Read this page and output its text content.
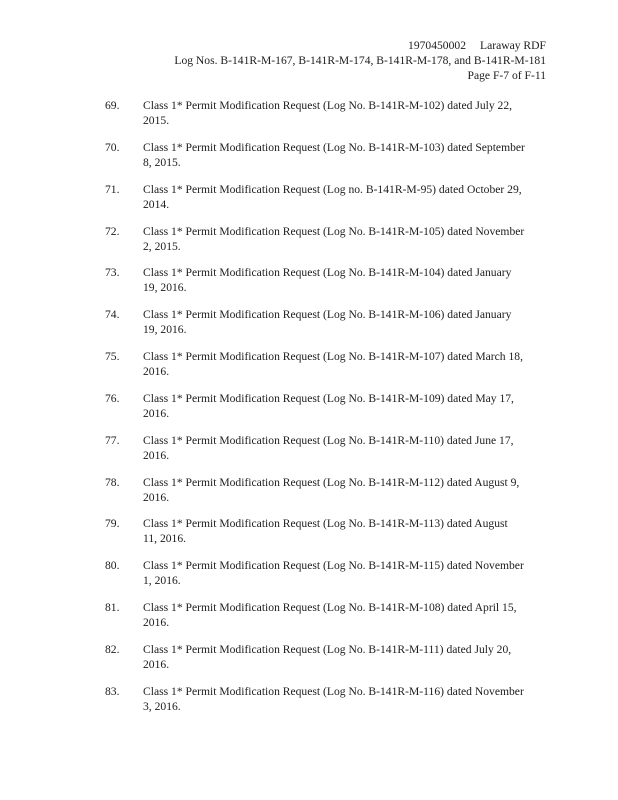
1970450002 Laraway RDF
Log Nos. B-141R-M-167, B-141R-M-174, B-141R-M-178, and B-141R-M-181
Page F-7 of F-11
69. Class 1* Permit Modification Request (Log No. B-141R-M-102) dated July 22,
2015.
70. Class 1* Permit Modification Request (Log No. B-141R-M-103) dated September
8, 2015.
71. Class 1* Permit Modification Request (Log no. B-141R-M-95) dated October 29,
2014.
72. Class 1* Permit Modification Request (Log No. B-141R-M-105) dated November
2, 2015.
73. Class 1* Permit Modification Request (Log No. B-141R-M-104) dated January
19, 2016.
74. Class 1* Permit Modification Request (Log No. B-141R-M-106) dated January
19, 2016.
75. Class 1* Permit Modification Request (Log No. B-141R-M-107) dated March 18,
2016.
76. Class 1* Permit Modification Request (Log No. B-141R-M-109) dated May 17,
2016.
77. Class 1* Permit Modification Request (Log No. B-141R-M-110) dated June 17,
2016.
78. Class 1* Permit Modification Request (Log No. B-141R-M-112) dated August 9,
2016.
79. Class 1* Permit Modification Request (Log No. B-141R-M-113) dated August
11, 2016.
80. Class 1* Permit Modification Request (Log No. B-141R-M-115) dated November
1, 2016.
81. Class 1* Permit Modification Request (Log No. B-141R-M-108) dated April 15,
2016.
82. Class 1* Permit Modification Request (Log No. B-141R-M-111) dated July 20,
2016.
83. Class 1* Permit Modification Request (Log No. B-141R-M-116) dated November
3, 2016.
